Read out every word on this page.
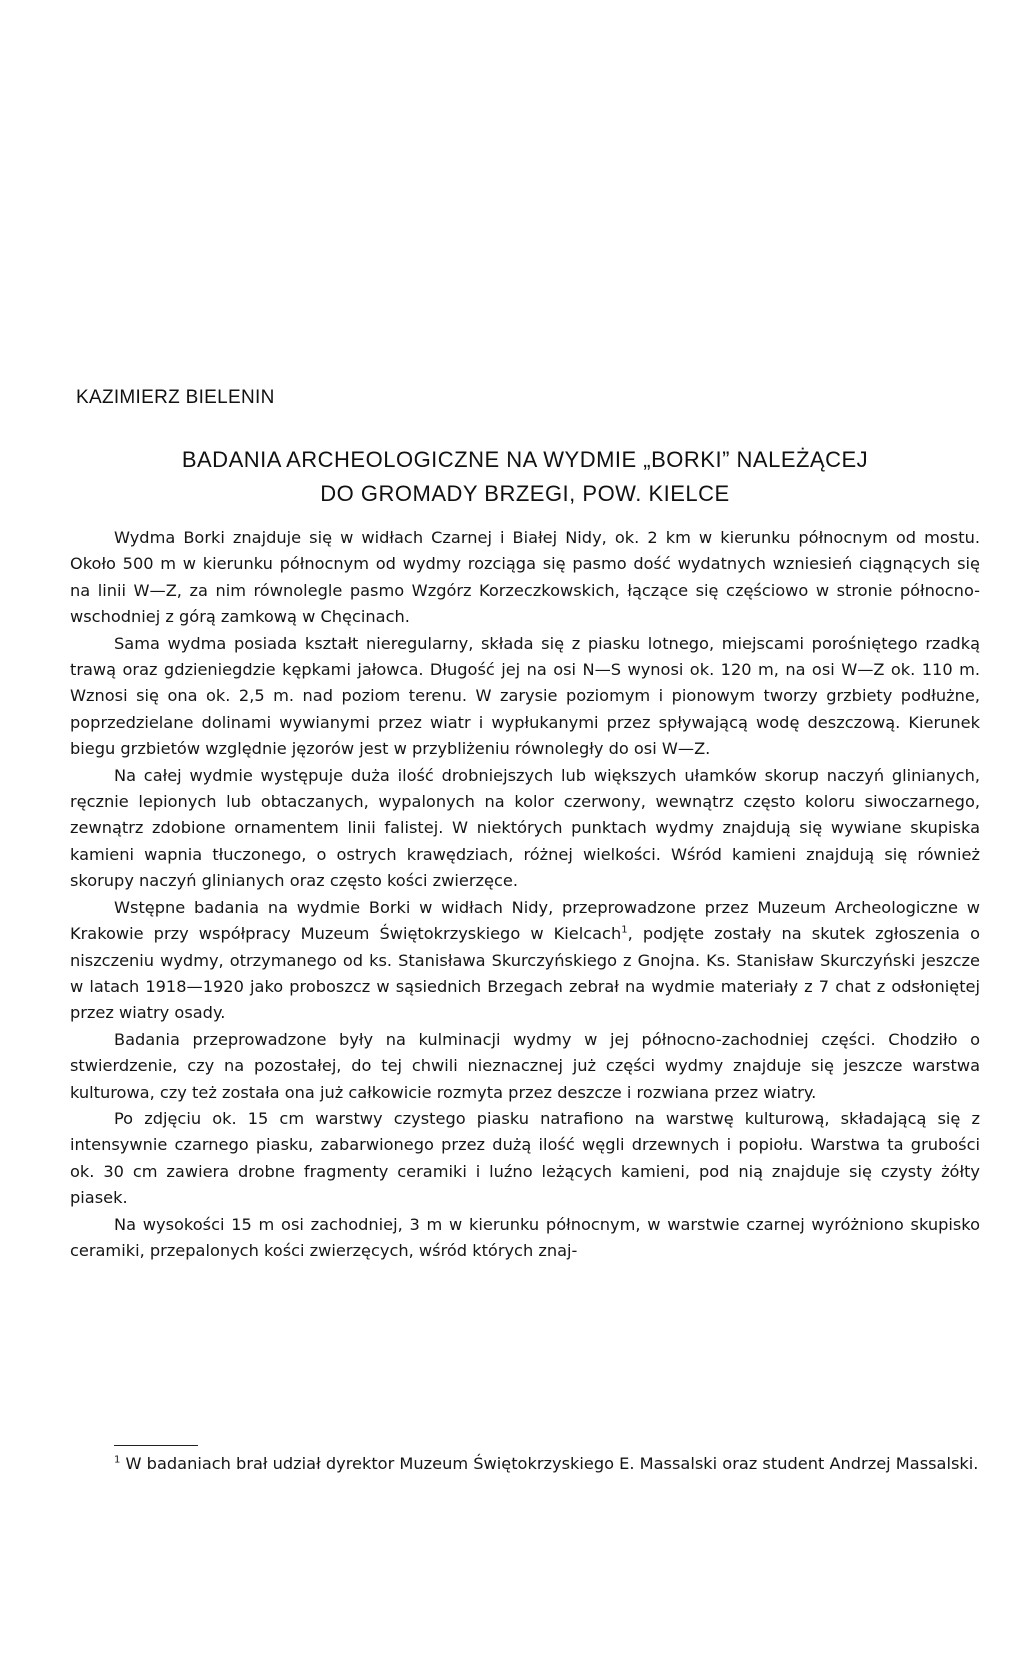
KAZIMIERZ BIELENIN
BADANIA ARCHEOLOGICZNE NA WYDMIE „BORKI” NALEŻĄCEJ
DO GROMADY BRZEGI, POW. KIELCE

Wydma Borki znajduje się w widłach Czarnej i Białej Nidy, ok. 2 km w kierunku północnym od mostu. Około 500 m w kierunku północnym od wydmy rozciąga się pasmo dość wydatnych wzniesień ciągnących się na linii W—Z, za nim równolegle pasmo Wzgórz Korzeczkowskich, łączące się częściowo w stronie północno-wschodniej z górą zamkową w Chęcinach.

Sama wydma posiada kształt nieregularny, składa się z piasku lotnego, miejscami porośniętego rzadką trawą oraz gdzieniegdzie kępkami jałowca. Długość jej na osi N—S wynosi ok. 120 m, na osi W—Z ok. 110 m. Wznosi się ona ok. 2,5 m. nad poziom terenu. W zarysie poziomym i pionowym tworzy grzbiety podłużne, poprzedzielane dolinami wywianymi przez wiatr i wypłukanymi przez spływającą wodę deszczową. Kierunek biegu grzbietów względnie jęzorów jest w przybliżeniu równoległy do osi W—Z.

Na całej wydmie występuje duża ilość drobniejszych lub większych ułamków skorup naczyń glinianych, ręcznie lepionych lub obtaczanych, wypalonych na kolor czerwony, wewnątrz często koloru siwoczarnego, zewnątrz zdobione ornamentem linii falistej. W niektórych punktach wydmy znajdują się wywiane skupiska kamieni wapnia tłuczonego, o ostrych krawędziach, różnej wielkości. Wśród kamieni znajdują się również skorupy naczyń glinianych oraz często kości zwierzęce.

Wstępne badania na wydmie Borki w widłach Nidy, przeprowadzone przez Muzeum Archeologiczne w Krakowie przy współpracy Muzeum Świętokrzyskiego w Kielcach$^1$, podjęte zostały na skutek zgłoszenia o niszczeniu wydmy, otrzymanego od ks. Stanisława Skurczyńskiego z Gnojna. Ks. Stanisław Skurczyński jeszcze w latach 1918—1920 jako proboszcz w sąsiednich Brzegach zebrał na wydmie materiały z 7 chat z odsłoniętej przez wiatry osady.

Badania przeprowadzone były na kulminacji wydmy w jej północno-zachodniej części. Chodziło o stwierdzenie, czy na pozostałej, do tej chwili nieznacznej już części wydmy znajduje się jeszcze warstwa kulturowa, czy też została ona już całkowicie rozmyta przez deszcze i rozwiana przez wiatry.

Po zdjęciu ok. 15 cm warstwy czystego piasku natrafiono na warstwę kulturową, składającą się z intensywnie czarnego piasku, zabarwionego przez dużą ilość węgli drzewnych i popiołu. Warstwa ta grubości ok. 30 cm zawiera drobne fragmenty ceramiki i luźno leżących kamieni, pod nią znajduje się czysty żółty piasek.

Na wysokości 15 m osi zachodniej, 3 m w kierunku północnym, w warstwie czarnej wyróżniono skupisko ceramiki, przepalonych kości zwierzęcych, wśród których znaj-

$^1$ W badaniach brał udział dyrektor Muzeum Świętokrzyskiego E. Massalski oraz student Andrzej Massalski.
